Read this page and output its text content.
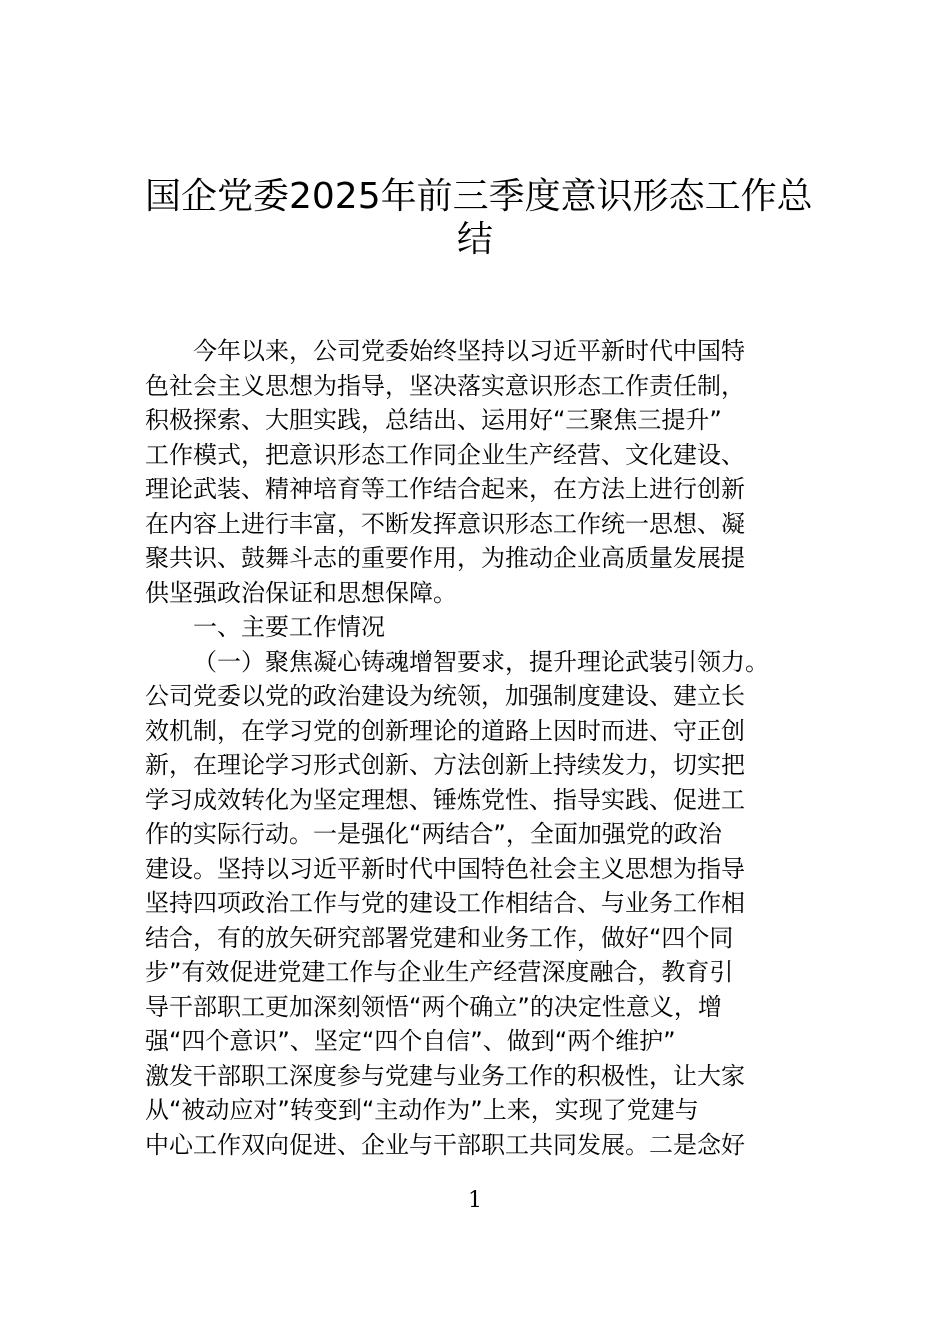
国企党委2025年前三季度意识形态工作总
结
今年以来，公司党委始终坚持以习近平新时代中国特
色社会主义思想为指导，坚决落实意识形态工作责任制，
积极探索、大胆实践，总结出、运用好“三聚焦三提升”
工作模式，把意识形态工作同企业生产经营、文化建设、
理论武装、精神培育等工作结合起来，在方法上进行创新
在内容上进行丰富，不断发挥意识形态工作统一思想、凝
聚共识、鼓舞斗志的重要作用，为推动企业高质量发展提
供坚强政治保证和思想保障。
一、主要工作情况
（一）聚焦凝心铸魂增智要求，提升理论武装引领力。
公司党委以党的政治建设为统领，加强制度建设、建立长
效机制，在学习党的创新理论的道路上因时而进、守正创
新，在理论学习形式创新、方法创新上持续发力，切实把
学习成效转化为坚定理想、锤炼党性、指导实践、促进工
作的实际行动。一是强化“两结合”，全面加强党的政治
建设。坚持以习近平新时代中国特色社会主义思想为指导
坚持四项政治工作与党的建设工作相结合、与业务工作相
结合，有的放矢研究部署党建和业务工作，做好“四个同
步”有效促进党建工作与企业生产经营深度融合，教育引
导干部职工更加深刻领悟“两个确立”的决定性意义，增
强“四个意识”、坚定“四个自信”、做到“两个维护”
激发干部职工深度参与党建与业务工作的积极性，让大家
从“被动应对”转变到“主动作为”上来，实现了党建与
中心工作双向促进、企业与干部职工共同发展。二是念好
1
